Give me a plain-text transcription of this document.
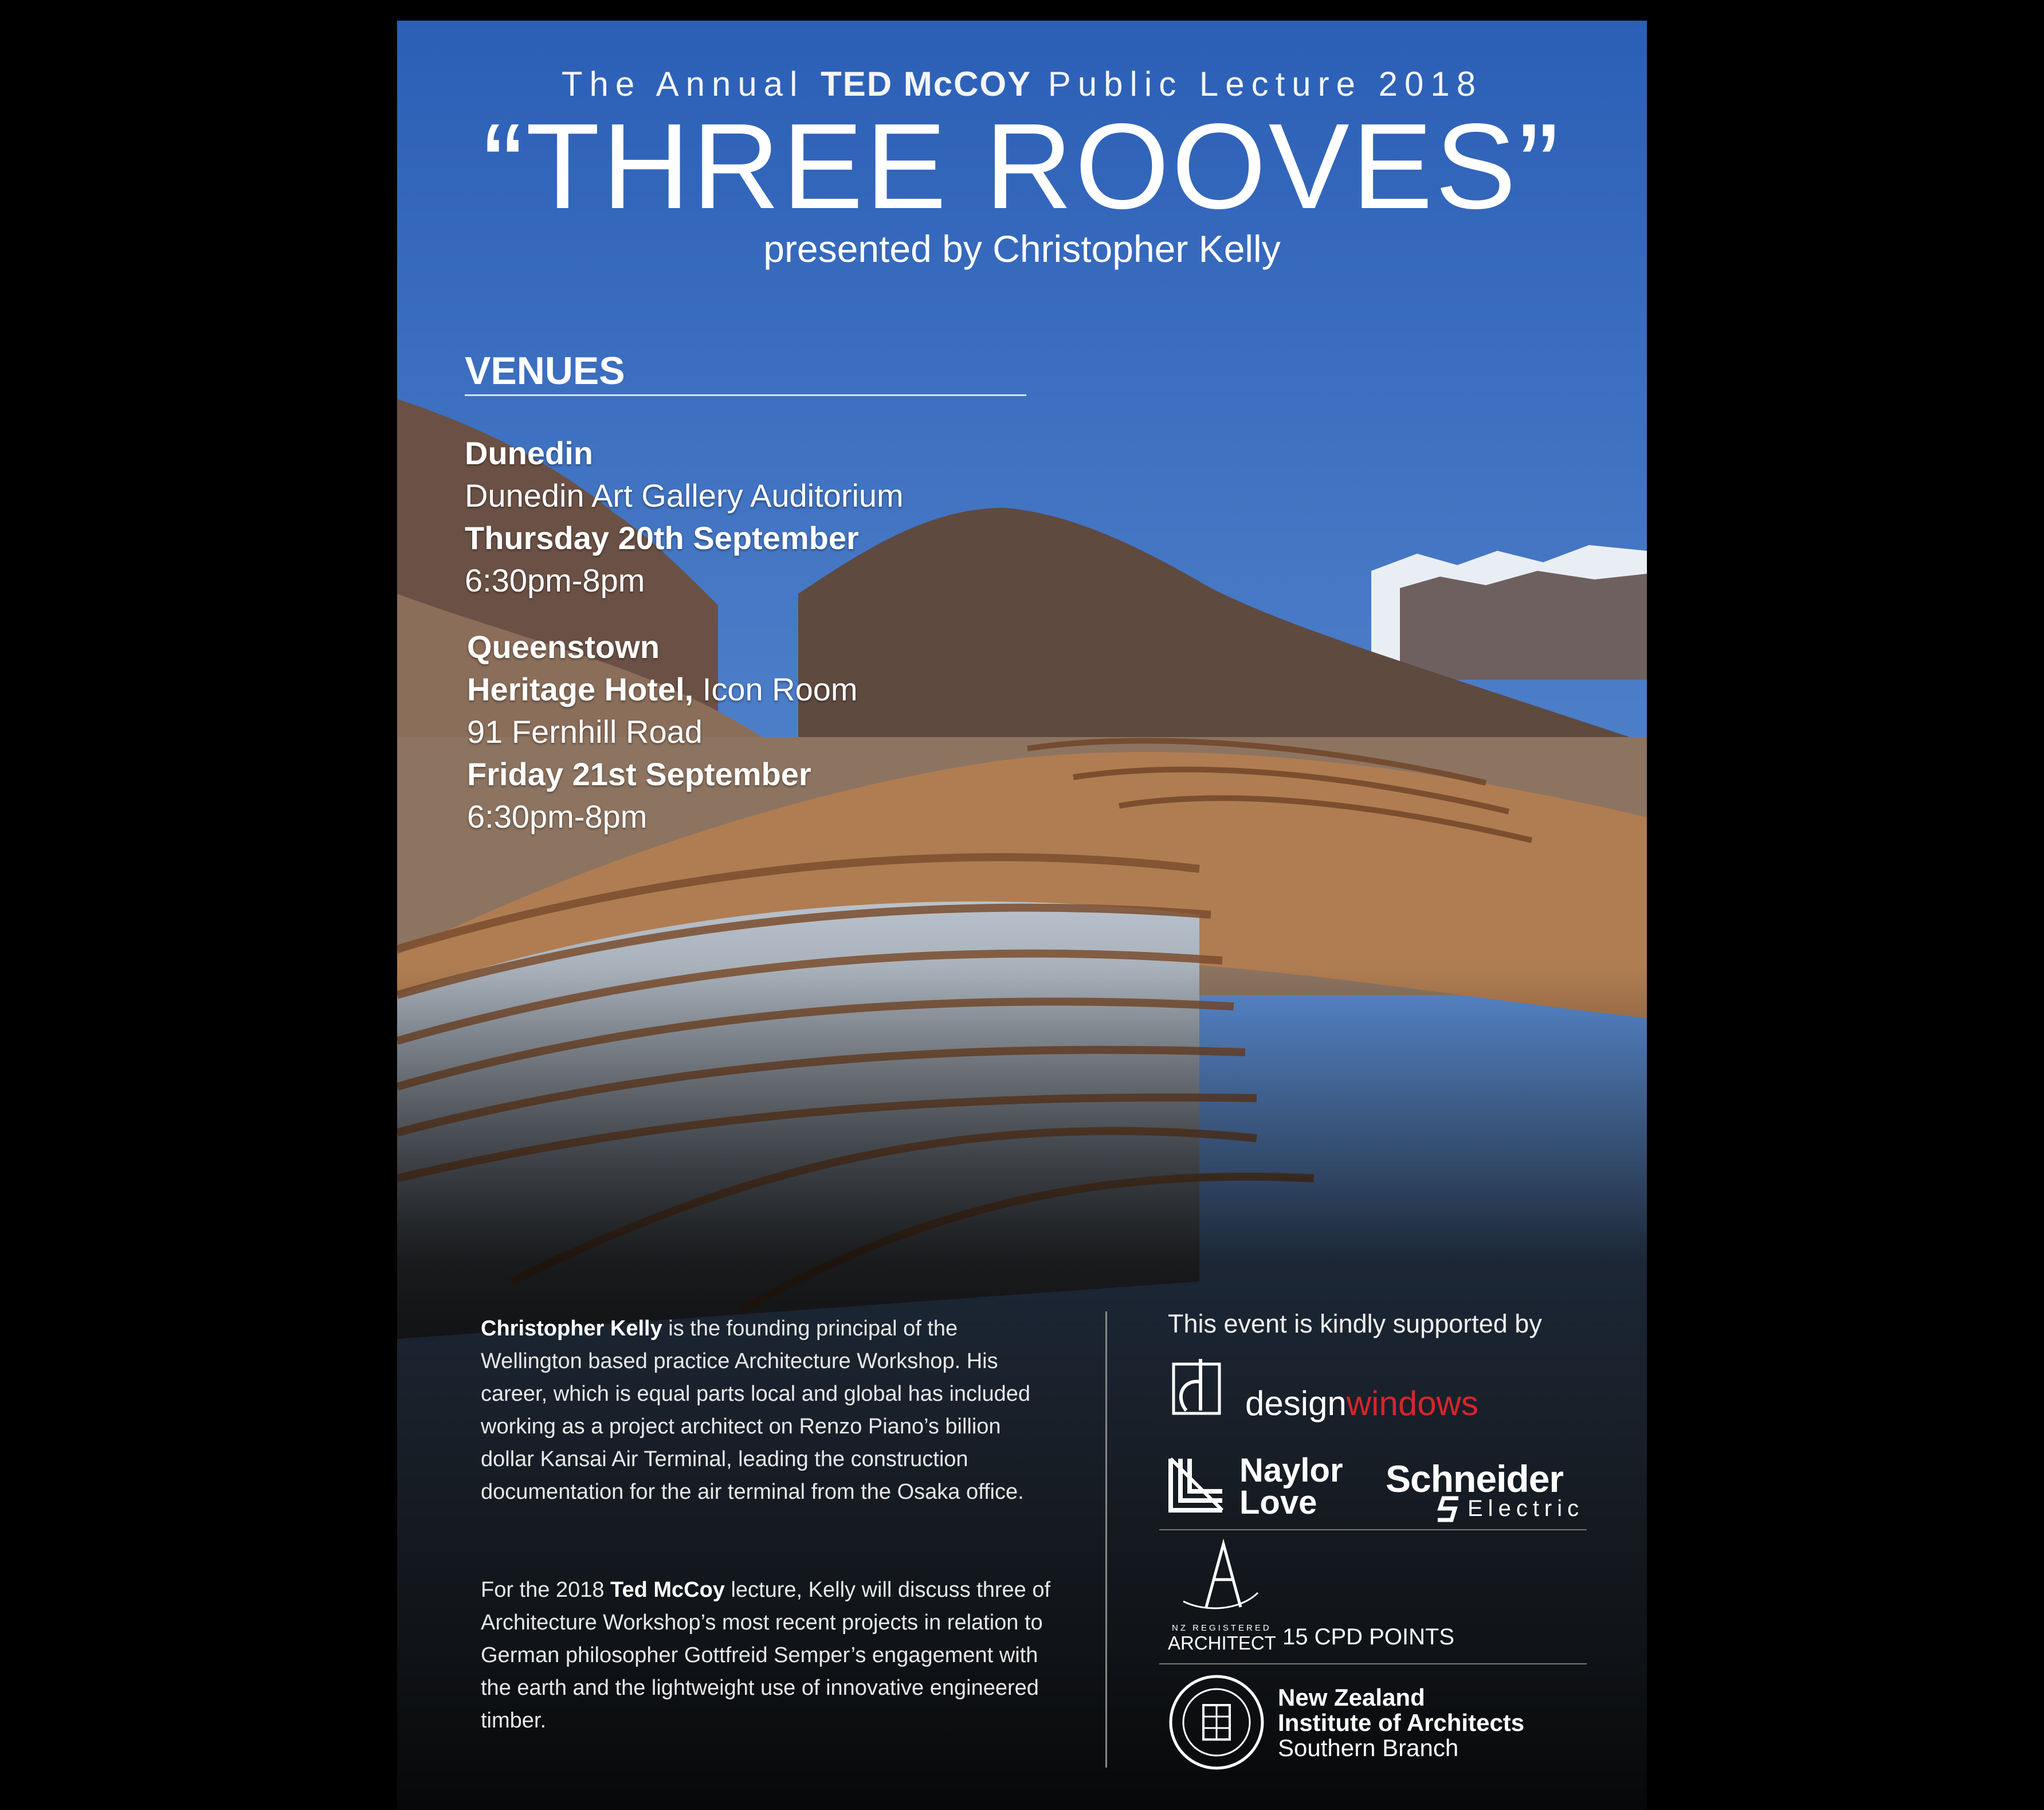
The Annual TED McCOY Public Lecture 2018
“THREE ROOVES”
presented by Christopher Kelly
VENUES
Dunedin
Dunedin Art Gallery Auditorium
Thursday 20th September
6:30pm-8pm
Queenstown
Heritage Hotel, Icon Room
91 Fernhill Road
Friday 21st September
6:30pm-8pm
Christopher Kelly is the founding principal of the Wellington based practice Architecture Workshop. His career, which is equal parts local and global has included working as a project architect on Renzo Piano’s billion dollar Kansai Air Terminal, leading the construction documentation for the air terminal from the Osaka office.
For the 2018 Ted McCoy lecture, Kelly will discuss three of Architecture Workshop’s most recent projects in relation to German philosopher Gottfreid Semper’s engagement with the earth and the lightweight use of innovative engineered timber.
This event is kindly supported by
designwindows
Naylor
Love
Schneider
Electric
NZ REGISTERED
ARCHITECT 15 CPD POINTS
New Zealand
Institute of Architects
Southern Branch
